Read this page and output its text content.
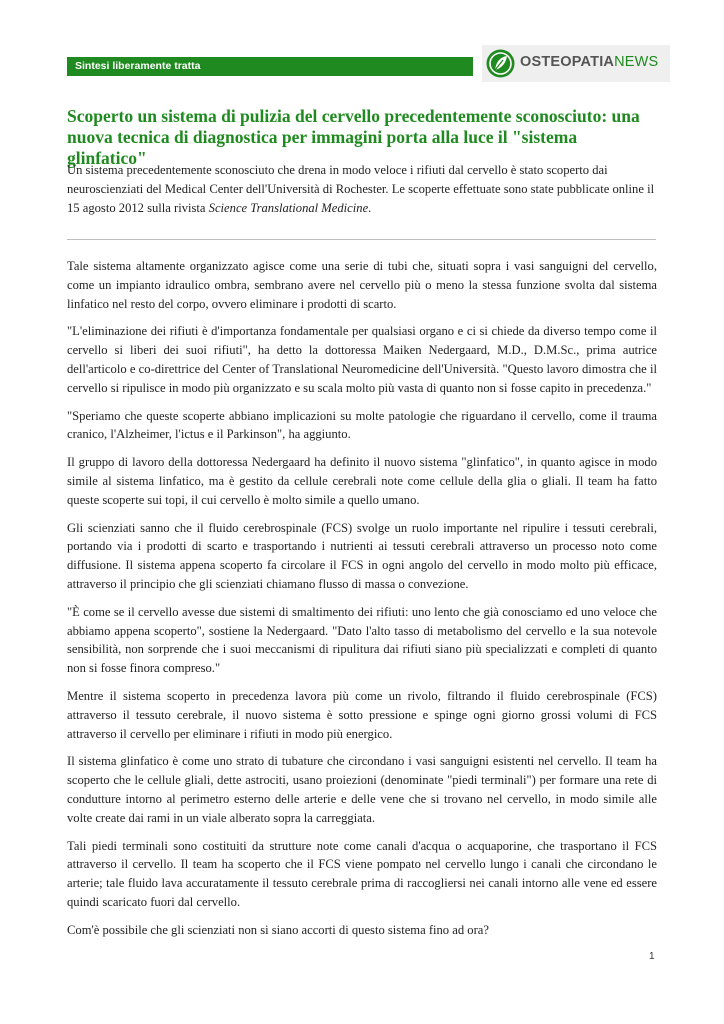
Sintesi liberamente tratta	OSTEOPATIANEWS
Scoperto un sistema di pulizia del cervello precedentemente sconosciuto: una nuova tecnica di diagnostica per immagini porta alla luce il "sistema glinfatico"

Un sistema precedentemente sconosciuto che drena in modo veloce i rifiuti dal cervello è stato scoperto dai neuroscienziati del Medical Center dell'Università di Rochester. Le scoperte effettuate sono state pubblicate online il 15 agosto 2012 sulla rivista Science Translational Medicine.

Tale sistema altamente organizzato agisce come una serie di tubi che, situati sopra i vasi sanguigni del cervello, come un impianto idraulico ombra, sembrano avere nel cervello più o meno la stessa funzione svolta dal sistema linfatico nel resto del corpo, ovvero eliminare i prodotti di scarto.

"L'eliminazione dei rifiuti è d'importanza fondamentale per qualsiasi organo e ci si chiede da diverso tempo come il cervello si liberi dei suoi rifiuti", ha detto la dottoressa Maiken Nedergaard, M.D., D.M.Sc., prima autrice dell'articolo e co-direttrice del Center of Translational Neuromedicine dell'Università. "Questo lavoro dimostra che il cervello si ripulisce in modo più organizzato e su scala molto più vasta di quanto non si fosse capito in precedenza."

"Speriamo che queste scoperte abbiano implicazioni su molte patologie che riguardano il cervello, come il trauma cranico, l'Alzheimer, l'ictus e il Parkinson", ha aggiunto.

Il gruppo di lavoro della dottoressa Nedergaard ha definito il nuovo sistema "glinfatico", in quanto agisce in modo simile al sistema linfatico, ma è gestito da cellule cerebrali note come cellule della glia o gliali. Il team ha fatto queste scoperte sui topi, il cui cervello è molto simile a quello umano.

Gli scienziati sanno che il fluido cerebrospinale (FCS) svolge un ruolo importante nel ripulire i tessuti cerebrali, portando via i prodotti di scarto e trasportando i nutrienti ai tessuti cerebrali attraverso un processo noto come diffusione. Il sistema appena scoperto fa circolare il FCS in ogni angolo del cervello in modo molto più efficace, attraverso il principio che gli scienziati chiamano flusso di massa o convezione.

"È come se il cervello avesse due sistemi di smaltimento dei rifiuti: uno lento che già conosciamo ed uno veloce che abbiamo appena scoperto", sostiene la Nedergaard. "Dato l'alto tasso di metabolismo del cervello e la sua notevole sensibilità, non sorprende che i suoi meccanismi di ripulitura dai rifiuti siano più specializzati e completi di quanto non si fosse finora compreso."

Mentre il sistema scoperto in precedenza lavora più come un rivolo, filtrando il fluido cerebrospinale (FCS) attraverso il tessuto cerebrale, il nuovo sistema è sotto pressione e spinge ogni giorno grossi volumi di FCS attraverso il cervello per eliminare i rifiuti in modo più energico.

Il sistema glinfatico è come uno strato di tubature che circondano i vasi sanguigni esistenti nel cervello. Il team ha scoperto che le cellule gliali, dette astrociti, usano proiezioni (denominate "piedi terminali") per formare una rete di condutture intorno al perimetro esterno delle arterie e delle vene che si trovano nel cervello, in modo simile alle volte create dai rami in un viale alberato sopra la carreggiata.

Tali piedi terminali sono costituiti da strutture note come canali d'acqua o acquaporine, che trasportano il FCS attraverso il cervello. Il team ha scoperto che il FCS viene pompato nel cervello lungo i canali che circondano le arterie; tale fluido lava accuratamente il tessuto cerebrale prima di raccogliersi nei canali intorno alle vene ed essere quindi scaricato fuori dal cervello.

Com'è possibile che gli scienziati non si siano accorti di questo sistema fino ad ora?

1
